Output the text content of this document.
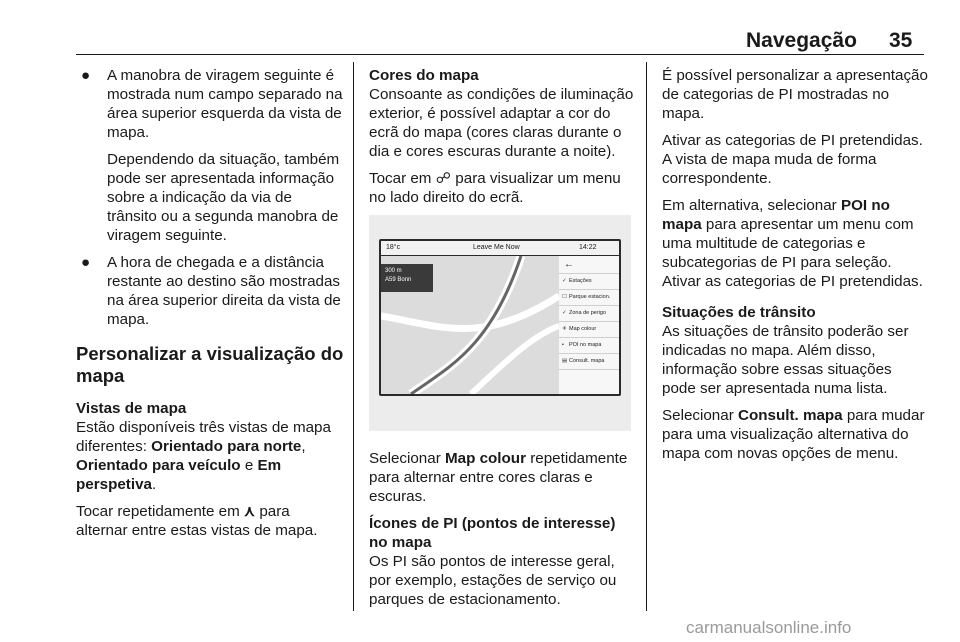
Navegação 35
● A manobra de viragem seguinte é mostrada num campo separado na área superior esquerda da vista de mapa.

Dependendo da situação, também pode ser apresentada informação sobre a indicação da via de trânsito ou a segunda manobra de viragem seguinte.

● A hora de chegada e a distância restante ao destino são mostradas na área superior direita da vista de mapa.
Personalizar a visualização do mapa
Vistas de mapa

Estão disponíveis três vistas de mapa diferentes: Orientado para norte, Orientado para veículo e Em perspetiva.

Tocar repetidamente em ⋏ para alternar entre estas vistas de mapa.

Cores do mapa

Consoante as condições de iluminação exterior, é possível adaptar a cor do ecrã do mapa (cores claras durante o dia e cores escuras durante a noite).

Tocar em ☍ para visualizar um menu no lado direito do ecrã.

18°c	Leave Me Now	14:22
300 m
A59 Bonn
←
✓ Estações
☐ Parque estacion.
✓ Zona de perigo
☀ Map colour
▪ POI no mapa
▤ Consult. mapa

Selecionar Map colour repetidamente para alternar entre cores claras e escuras.

Ícones de PI (pontos de interesse) no mapa

Os PI são pontos de interesse geral, por exemplo, estações de serviço ou parques de estacionamento.

É possível personalizar a apresentação de categorias de PI mostradas no mapa.

Ativar as categorias de PI pretendidas. A vista de mapa muda de forma correspondente.

Em alternativa, selecionar POI no mapa para apresentar um menu com uma multitude de categorias e subcategorias de PI para seleção. Ativar as categorias de PI pretendidas.

Situações de trânsito

As situações de trânsito poderão ser indicadas no mapa. Além disso, informação sobre essas situações pode ser apresentada numa lista.

Selecionar Consult. mapa para mudar para uma visualização alternativa do mapa com novas opções de menu.

carmanualsonline.info
